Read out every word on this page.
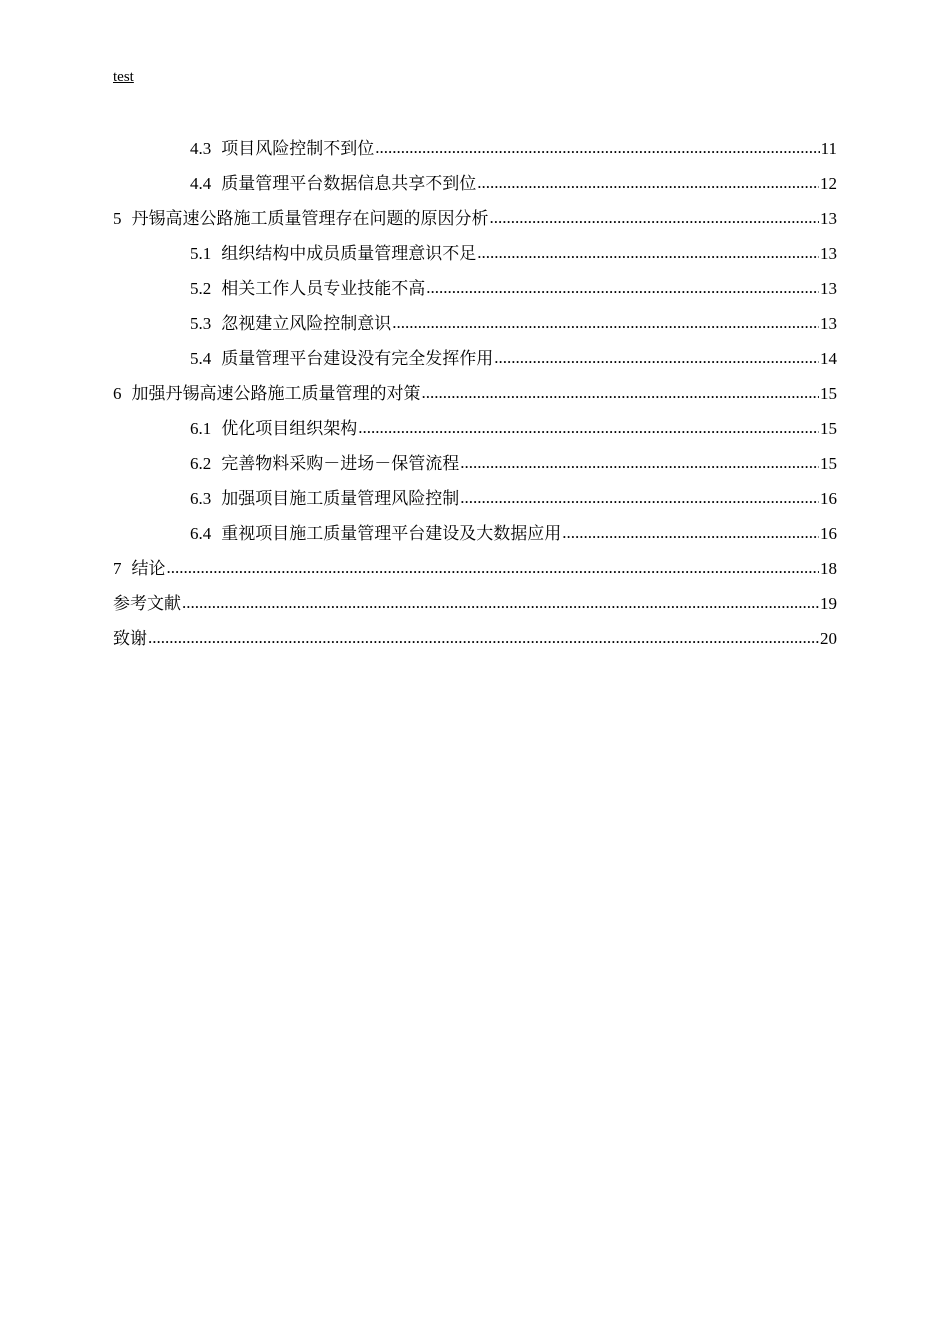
test
4.3 项目风险控制不到位 .....	11
4.4 质量管理平台数据信息共享不到位 .....	12
5 丹锡高速公路施工质量管理存在问题的原因分析 .....	13
5.1 组织结构中成员质量管理意识不足 .....	13
5.2 相关工作人员专业技能不高 .....	13
5.3 忽视建立风险控制意识 .....	13
5.4 质量管理平台建设没有完全发挥作用 .....	14
6 加强丹锡高速公路施工质量管理的对策 .....	15
6.1 优化项目组织架构 .....	15
6.2 完善物料采购－进场－保管流程 .....	15
6.3 加强项目施工质量管理风险控制 .....	16
6.4 重视项目施工质量管理平台建设及大数据应用 .....	16
7 结论 .....	18
参考文献 .....	19
致谢 .....	20
